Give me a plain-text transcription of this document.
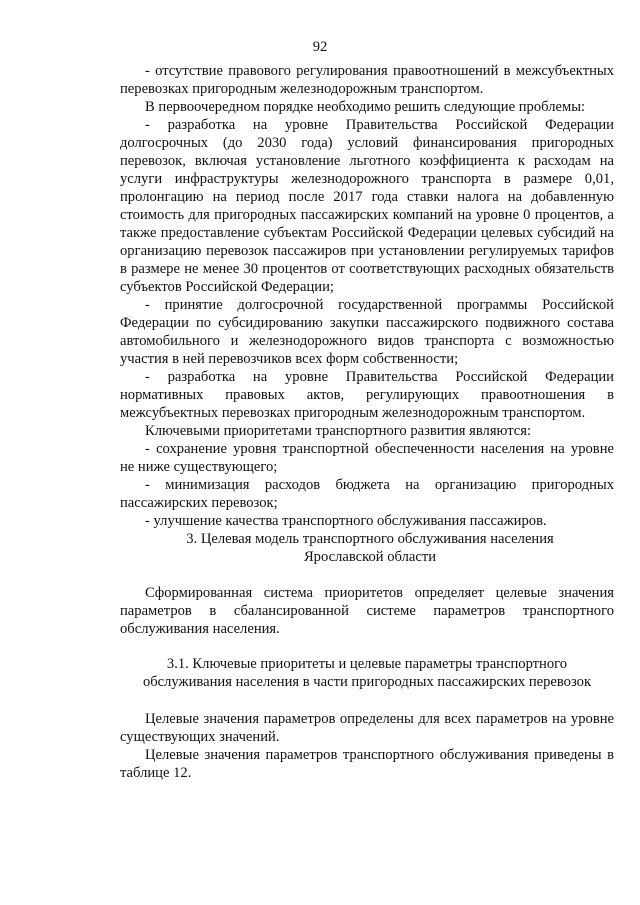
92

- отсутствие правового регулирования правоотношений в межсубъектных перевозках пригородным железнодорожным транспортом.

В первоочередном порядке необходимо решить следующие проблемы:

- разработка на уровне Правительства Российской Федерации долгосрочных (до 2030 года) условий финансирования пригородных перевозок, включая установление льготного коэффициента к расходам на услуги инфраструктуры железнодорожного транспорта в размере 0,01, пролонгацию на период после 2017 года ставки налога на добавленную стоимость для пригородных пассажирских компаний на уровне 0 процентов, а также предоставление субъектам Российской Федерации целевых субсидий на организацию перевозок пассажиров при установлении регулируемых тарифов в размере не менее 30 процентов от соответствующих расходных обязательств субъектов Российской Федерации;

- принятие долгосрочной государственной программы Российской Федерации по субсидированию закупки пассажирского подвижного состава автомобильного и железнодорожного видов транспорта с возможностью участия в ней перевозчиков всех форм собственности;

- разработка на уровне Правительства Российской Федерации нормативных правовых актов, регулирующих правоотношения в межсубъектных перевозках пригородным железнодорожным транспортом.

Ключевыми приоритетами транспортного развития являются:

- сохранение уровня транспортной обеспеченности населения на уровне не ниже существующего;

- минимизация расходов бюджета на организацию пригородных пассажирских перевозок;

- улучшение качества транспортного обслуживания пассажиров.

3. Целевая модель транспортного обслуживания населения
Ярославской области

Сформированная система приоритетов определяет целевые значения параметров в сбалансированной системе параметров транспортного обслуживания населения.

3.1. Ключевые приоритеты и целевые параметры транспортного
обслуживания населения в части пригородных пассажирских перевозок

Целевые значения параметров определены для всех параметров на уровне существующих значений.

Целевые значения параметров транспортного обслуживания приведены в таблице 12.
